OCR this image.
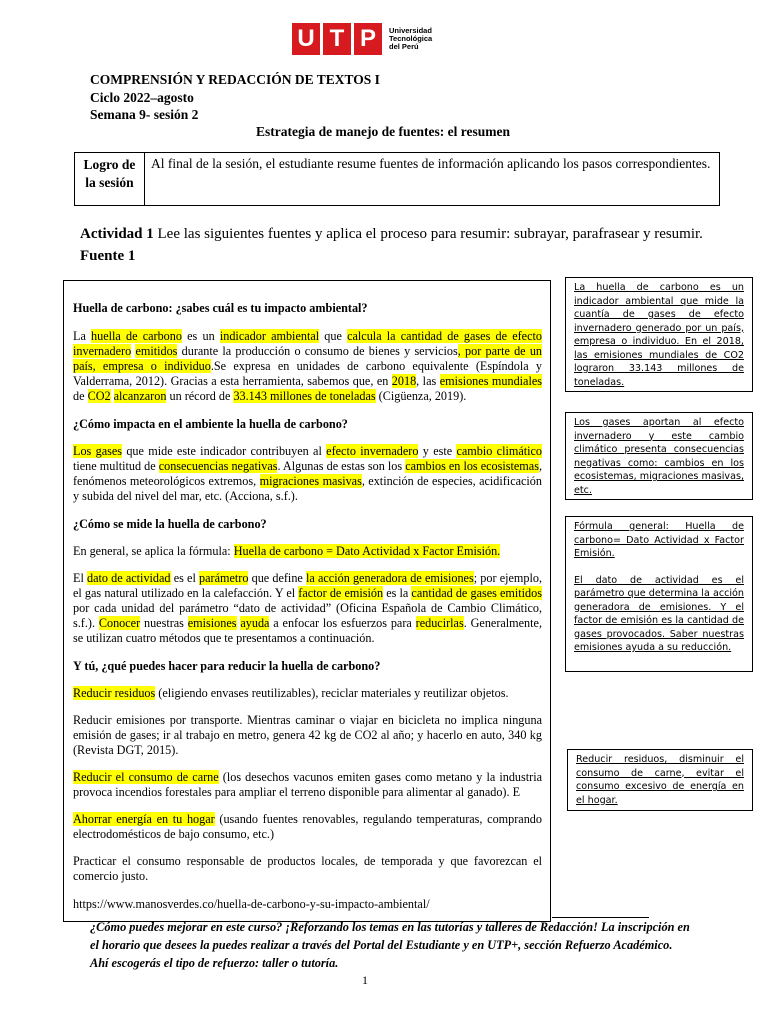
U T P	Universidad
Tecnológica
del Perú
COMPRENSIÓN Y REDACCIÓN DE TEXTOS I
Ciclo 2022–agosto
Semana 9- sesión 2
Estrategia de manejo de fuentes: el resumen
Logro de
la sesión
Al final de la sesión, el estudiante resume fuentes de información aplicando los pasos correspondientes.
Actividad 1 Lee las siguientes fuentes y aplica el proceso para resumir: subrayar, parafrasear y resumir.
Fuente 1

Huella de carbono: ¿sabes cuál es tu impacto ambiental?

La huella de carbono es un indicador ambiental que calcula la cantidad de gases de efecto invernadero emitidos durante la producción o consumo de bienes y servicios, por parte de un país, empresa o individuo.Se expresa en unidades de carbono equivalente (Espíndola y Valderrama, 2012). Gracias a esta herramienta, sabemos que, en 2018, las emisiones mundiales de CO2 alcanzaron un récord de 33.143 millones de toneladas (Cigüenza, 2019).

¿Cómo impacta en el ambiente la huella de carbono?

Los gases que mide este indicador contribuyen al efecto invernadero y este cambio climático tiene multitud de consecuencias negativas. Algunas de estas son los cambios en los ecosistemas, fenómenos meteorológicos extremos, migraciones masivas, extinción de especies, acidificación y subida del nivel del mar, etc. (Acciona, s.f.).

¿Cómo se mide la huella de carbono?

En general, se aplica la fórmula: Huella de carbono = Dato Actividad x Factor Emisión.

El dato de actividad es el parámetro que define la acción generadora de emisiones; por ejemplo, el gas natural utilizado en la calefacción. Y el factor de emisión es la cantidad de gases emitidos por cada unidad del parámetro “dato de actividad” (Oficina Española de Cambio Climático, s.f.). Conocer nuestras emisiones ayuda a enfocar los esfuerzos para reducirlas. Generalmente, se utilizan cuatro métodos que te presentamos a continuación.

Y tú, ¿qué puedes hacer para reducir la huella de carbono?

Reducir residuos (eligiendo envases reutilizables), reciclar materiales y reutilizar objetos.

Reducir emisiones por transporte. Mientras caminar o viajar en bicicleta no implica ninguna emisión de gases; ir al trabajo en metro, genera 42 kg de CO2 al año; y hacerlo en auto, 340 kg (Revista DGT, 2015).

Reducir el consumo de carne (los desechos vacunos emiten gases como metano y la industria provoca incendios forestales para ampliar el terreno disponible para alimentar al ganado). E

Ahorrar energía en tu hogar (usando fuentes renovables, regulando temperaturas, comprando electrodomésticos de bajo consumo, etc.)

Practicar el consumo responsable de productos locales, de temporada y que favorezcan el comercio justo.

https://www.manosverdes.co/huella-de-carbono-y-su-impacto-ambiental/

La huella de carbono es un indicador ambiental que mide la cuantía de gases de efecto invernadero generado por un país, empresa o individuo. En el 2018, las emisiones mundiales de CO2 lograron 33.143 millones de toneladas.
Los gases aportan al efecto invernadero y este cambio climático presenta consecuencias negativas como: cambios en los ecosistemas, migraciones masivas, etc.
Fórmula general: Huella de carbono= Dato Actividad x Factor Emisión.
El dato de actividad es el parámetro que determina la acción generadora de emisiones. Y el factor de emisión es la cantidad de gases provocados. Saber nuestras emisiones ayuda a su reducción.
Reducir residuos, disminuir el consumo de carne, evitar el consumo excesivo de energía en el hogar.
¿Cómo puedes mejorar en este curso? ¡Reforzando los temas en las tutorías y talleres de Redacción! La inscripción en el horario que desees la puedes realizar a través del Portal del Estudiante y en UTP+, sección Refuerzo Académico. Ahí escogerás el tipo de refuerzo: taller o tutoría.
1
